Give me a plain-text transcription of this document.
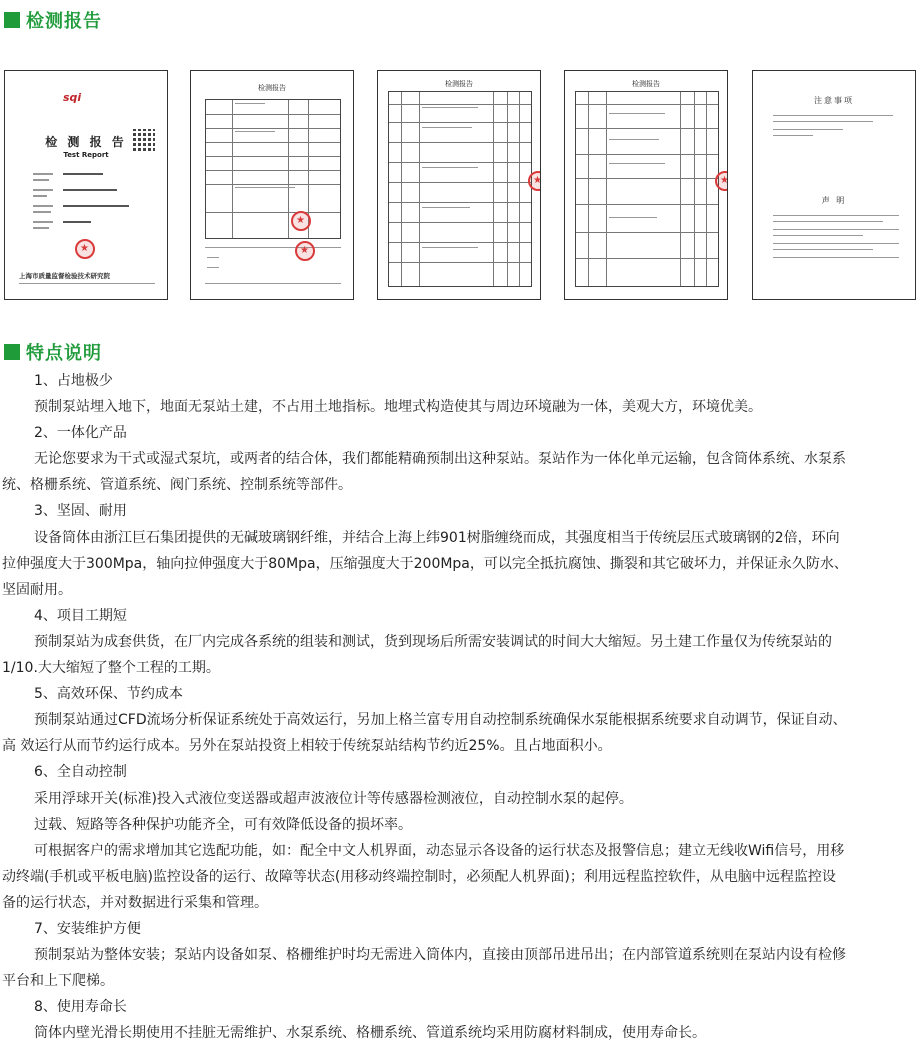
检测报告
sqi
检 测 报 告
Test Report
★
上海市质量监督检验技术研究院
检测报告
★
★	检测报告
★	检测报告
★
注意事项
声 明
特点说明

1、占地极少

预制泵站埋入地下，地面无泵站土建，不占用土地指标。地埋式构造使其与周边环境融为一体，美观大方，环境优美。

2、一体化产品

无论您要求为干式或湿式泵坑，或两者的结合体，我们都能精确预制出这种泵站。泵站作为一体化单元运输，包含筒体系统、水泵系

统、格栅系统、管道系统、阀门系统、控制系统等部件。

3、坚固、耐用

设备筒体由浙江巨石集团提供的无碱玻璃钢纤维，并结合上海上纬901树脂缠绕而成，其强度相当于传统层压式玻璃钢的2倍，环向

拉伸强度大于300Mpa，轴向拉伸强度大于80Mpa，压缩强度大于200Mpa，可以完全抵抗腐蚀、撕裂和其它破坏力，并保证永久防水、

坚固耐用。

4、项目工期短

预制泵站为成套供货，在厂内完成各系统的组装和测试，货到现场后所需安装调试的时间大大缩短。另土建工作量仅为传统泵站的

1/10.大大缩短了整个工程的工期。

5、高效环保、节约成本

预制泵站通过CFD流场分析保证系统处于高效运行，另加上格兰富专用自动控制系统确保水泵能根据系统要求自动调节，保证自动、

高 效运行从而节约运行成本。另外在泵站投资上相较于传统泵站结构节约近25%。且占地面积小。

6、全自动控制

采用浮球开关(标准)投入式液位变送器或超声波液位计等传感器检测液位，自动控制水泵的起停。

过载、短路等各种保护功能齐全，可有效降低设备的损坏率。

可根据客户的需求增加其它选配功能，如：配全中文人机界面，动态显示各设备的运行状态及报警信息；建立无线收Wifi信号，用移

动终端(手机或平板电脑)监控设备的运行、故障等状态(用移动终端控制时，必须配人机界面)；利用远程监控软件，从电脑中远程监控设

备的运行状态，并对数据进行采集和管理。

7、安装维护方便

预制泵站为整体安装；泵站内设备如泵、格栅维护时均无需进入筒体内，直接由顶部吊进吊出；在内部管道系统则在泵站内设有检修

平台和上下爬梯。

8、使用寿命长

筒体内壁光滑长期使用不挂脏无需维护、水泵系统、格栅系统、管道系统均采用防腐材料制成，使用寿命长。
